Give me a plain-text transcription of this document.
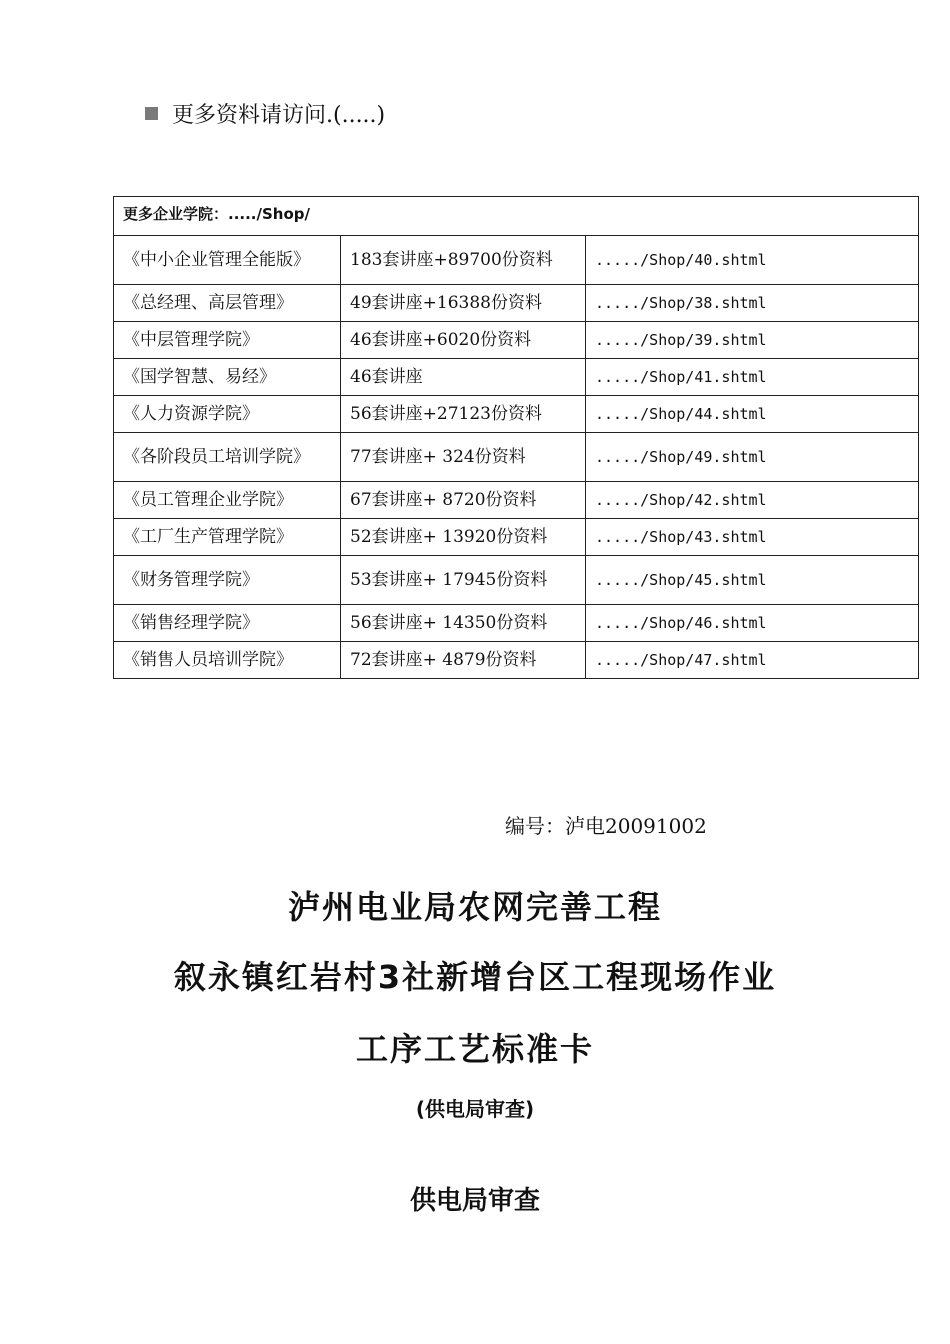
更多资料请访问.(.....)
更多企业学院：...../Shop/		
《中小企业管理全能版》	183套讲座+89700份资料	...../Shop/40.shtml
《总经理、高层管理》	49套讲座+16388份资料	...../Shop/38.shtml
《中层管理学院》	46套讲座+6020份资料	...../Shop/39.shtml
《国学智慧、易经》	46套讲座	...../Shop/41.shtml
《人力资源学院》	56套讲座+27123份资料	...../Shop/44.shtml
《各阶段员工培训学院》	77套讲座+ 324份资料	...../Shop/49.shtml
《员工管理企业学院》	67套讲座+ 8720份资料	...../Shop/42.shtml
《工厂生产管理学院》	52套讲座+ 13920份资料	...../Shop/43.shtml
《财务管理学院》	53套讲座+ 17945份资料	...../Shop/45.shtml
《销售经理学院》	56套讲座+ 14350份资料	...../Shop/46.shtml
《销售人员培训学院》	72套讲座+ 4879份资料	...../Shop/47.shtml
编号：泸电20091002
泸州电业局农网完善工程
叙永镇红岩村3社新增台区工程现场作业
工序工艺标准卡
(供电局审查)
供电局审查
